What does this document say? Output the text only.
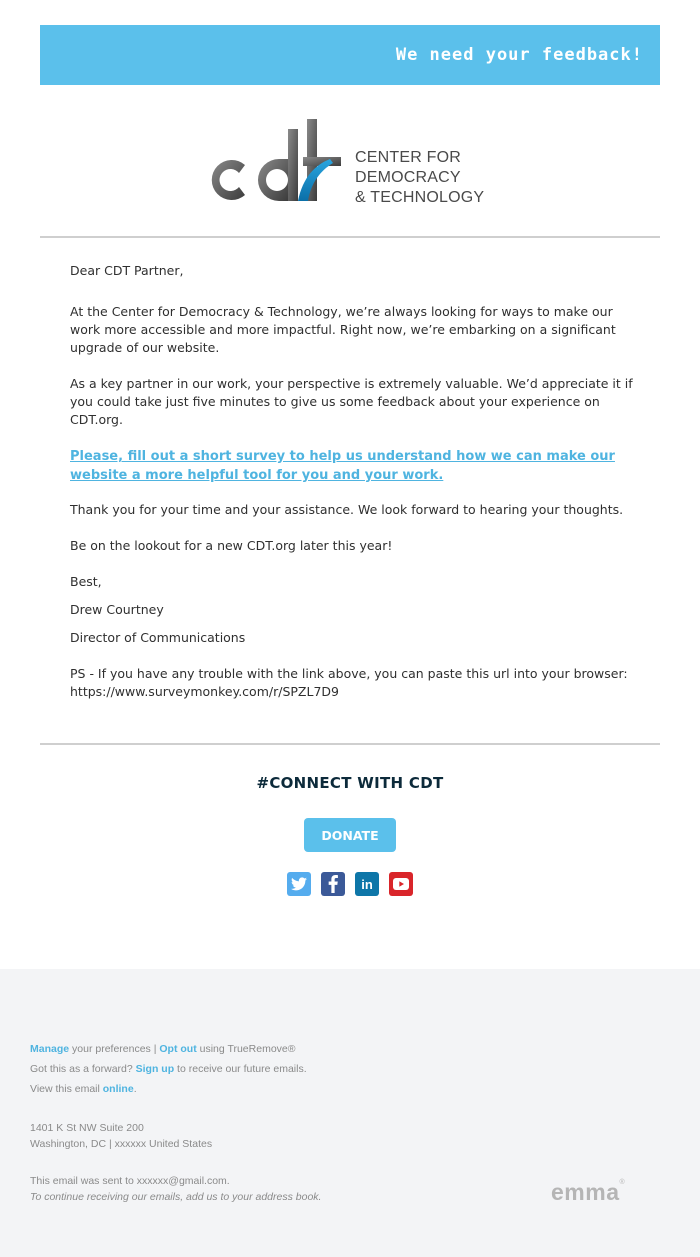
We need your feedback!
CENTER FOR
DEMOCRACY
& TECHNOLOGY

Dear CDT Partner,

At the Center for Democracy & Technology, we’re always looking for ways to make our work more accessible and more impactful. Right now, we’re embarking on a significant upgrade of our website.

As a key partner in our work, your perspective is extremely valuable. We’d appreciate it if you could take just five minutes to give us some feedback about your experience on CDT.org.

Please, fill out a short survey to help us understand how we can make our website a more helpful tool for you and your work.

Thank you for your time and your assistance. We look forward to hearing your thoughts.

Be on the lookout for a new CDT.org later this year!

Best,

Drew Courtney

Director of Communications

PS - If you have any trouble with the link above, you can paste this url into your browser:
https://www.surveymonkey.com/r/SPZL7D9

#CONNECT WITH CDT
DONATE
in
Manage your preferences | Opt out using TrueRemove®
Got this as a forward? Sign up to receive our future emails.
View this email online.
1401 K St NW Suite 200
Washington, DC | xxxxxx United States
This email was sent to xxxxxx@gmail.com.
To continue receiving our emails, add us to your address book.	emma®
